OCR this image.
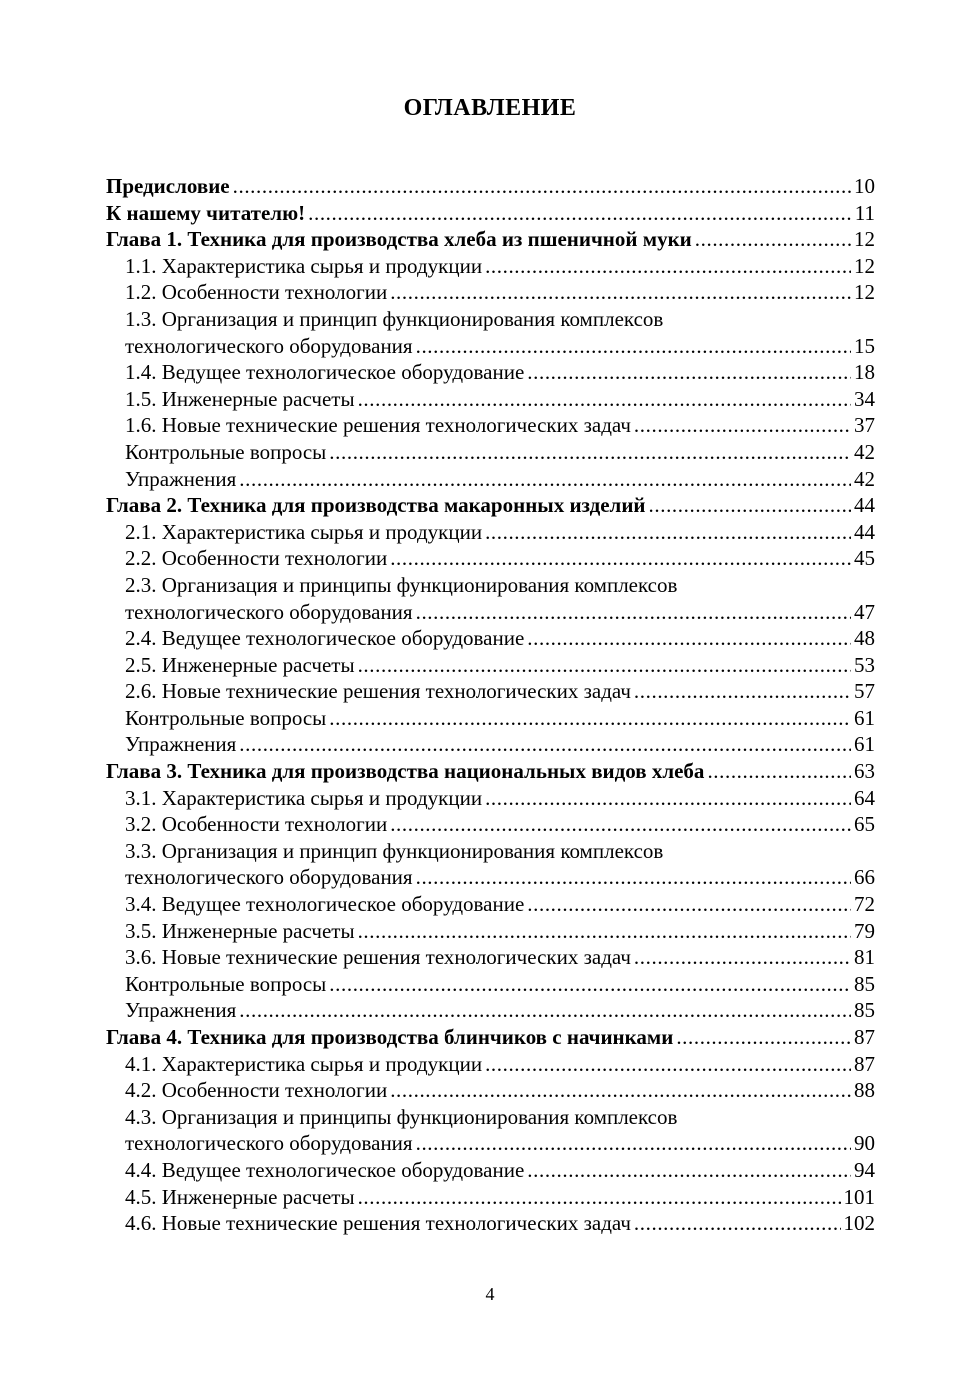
ОГЛАВЛЕНИЕ
Предисловие .....	10
К нашему читателю! .....	11
Глава 1. Техника для производства хлеба из пшеничной муки .....	12
1.1. Характеристика сырья и продукции .....	12
1.2. Особенности технологии .....	12
1.3. Организация и принцип функционирования комплексов
технологического оборудования .....	15
1.4. Ведущее технологическое оборудование .....	18
1.5. Инженерные расчеты .....	34
1.6. Новые технические решения технологических задач .....	37
Контрольные вопросы .....	42
Упражнения .....	42
Глава 2. Техника для производства макаронных изделий .....	44
2.1. Характеристика сырья и продукции .....	44
2.2. Особенности технологии .....	45
2.3. Организация и принципы функционирования комплексов
технологического оборудования .....	47
2.4. Ведущее технологическое оборудование .....	48
2.5. Инженерные расчеты .....	53
2.6. Новые технические решения технологических задач .....	57
Контрольные вопросы .....	61
Упражнения .....	61
Глава 3. Техника для производства национальных видов хлеба .....	63
3.1. Характеристика сырья и продукции .....	64
3.2. Особенности технологии .....	65
3.3. Организация и принцип функционирования комплексов
технологического оборудования .....	66
3.4. Ведущее технологическое оборудование .....	72
3.5. Инженерные расчеты .....	79
3.6. Новые технические решения технологических задач .....	81
Контрольные вопросы .....	85
Упражнения .....	85
Глава 4. Техника для производства блинчиков с начинками .....	87
4.1. Характеристика сырья и продукции .....	87
4.2. Особенности технологии .....	88
4.3. Организация и принципы функционирования комплексов
технологического оборудования .....	90
4.4. Ведущее технологическое оборудование .....	94
4.5. Инженерные расчеты .....	101
4.6. Новые технические решения технологических задач .....	102
4
